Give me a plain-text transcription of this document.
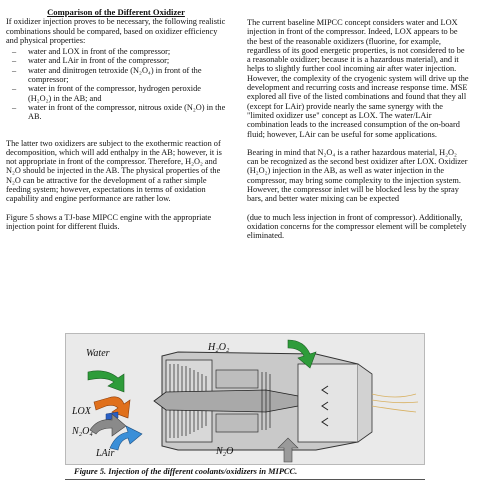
Comparison of the Different Oxidizer

If oxidizer injection proves to be necessary, the following realistic combinations should be compared, based on oxidizer efficiency and physical properties:

– water and LOX in front of the compressor;
– water and LAir in front of the compressor;
– water and dinitrogen tetroxide (N₂O₄) in front of the compressor;
– water in front of the compressor, hydrogen peroxide (H₂O₂) in the AB; and
– water in front of the compressor, nitrous oxide (N₂O) in the AB.

The latter two oxidizers are subject to the exothermic reaction of decomposition, which will add enthalpy in the AB; however, it is not appropriate in front of the compressor. Therefore, H₂O₂ and N₂O should be injected in the AB. The physical properties of the N₂O can be attractive for the development of a rather simple feeding system; however, expectations in terms of oxidation capability and engine performance are rather low.

Figure 5 shows a TJ-base MIPCC engine with the appropriate injection point for different fluids.

The current baseline MIPCC concept considers water and LOX injection in front of the compressor. Indeed, LOX appears to be the best of the reasonable oxidizers (fluorine, for example, regardless of its good energetic properties, is not considered to be a reasonable oxidizer; because it is a hazardous material), and it helps to slightly further cool incoming air after water injection. However, the complexity of the cryogenic system will drive up the development and recurring costs and increase response time. MSE explored all five of the listed combinations and found that they all (except for LAir) provide nearly the same synergy with the "limited oxidizer use" concept as LOX. The water/LAir combination leads to the increased consumption of the on-board fluid; however, LAir can be useful for some applications.

Bearing in mind that N₂O₄ is a rather hazardous material, H₂O₂ can be recognized as the second best oxidizer after LOX. Oxidizer (H₂O₂) injection in the AB, as well as water injection in the compressor, may bring some complexity to the injection system. However, the compressor inlet will be blocked less by the spray bars, and better water mixing can be expected

(due to much less injection in front of compressor). Additionally, oxidation concerns for the compressor element will be completely eliminated.

Water
H₂O₂
LOX
N₂O₄
LAir	N₂O
Figure 5. Injection of the different coolants/oxidizers in MIPCC.
